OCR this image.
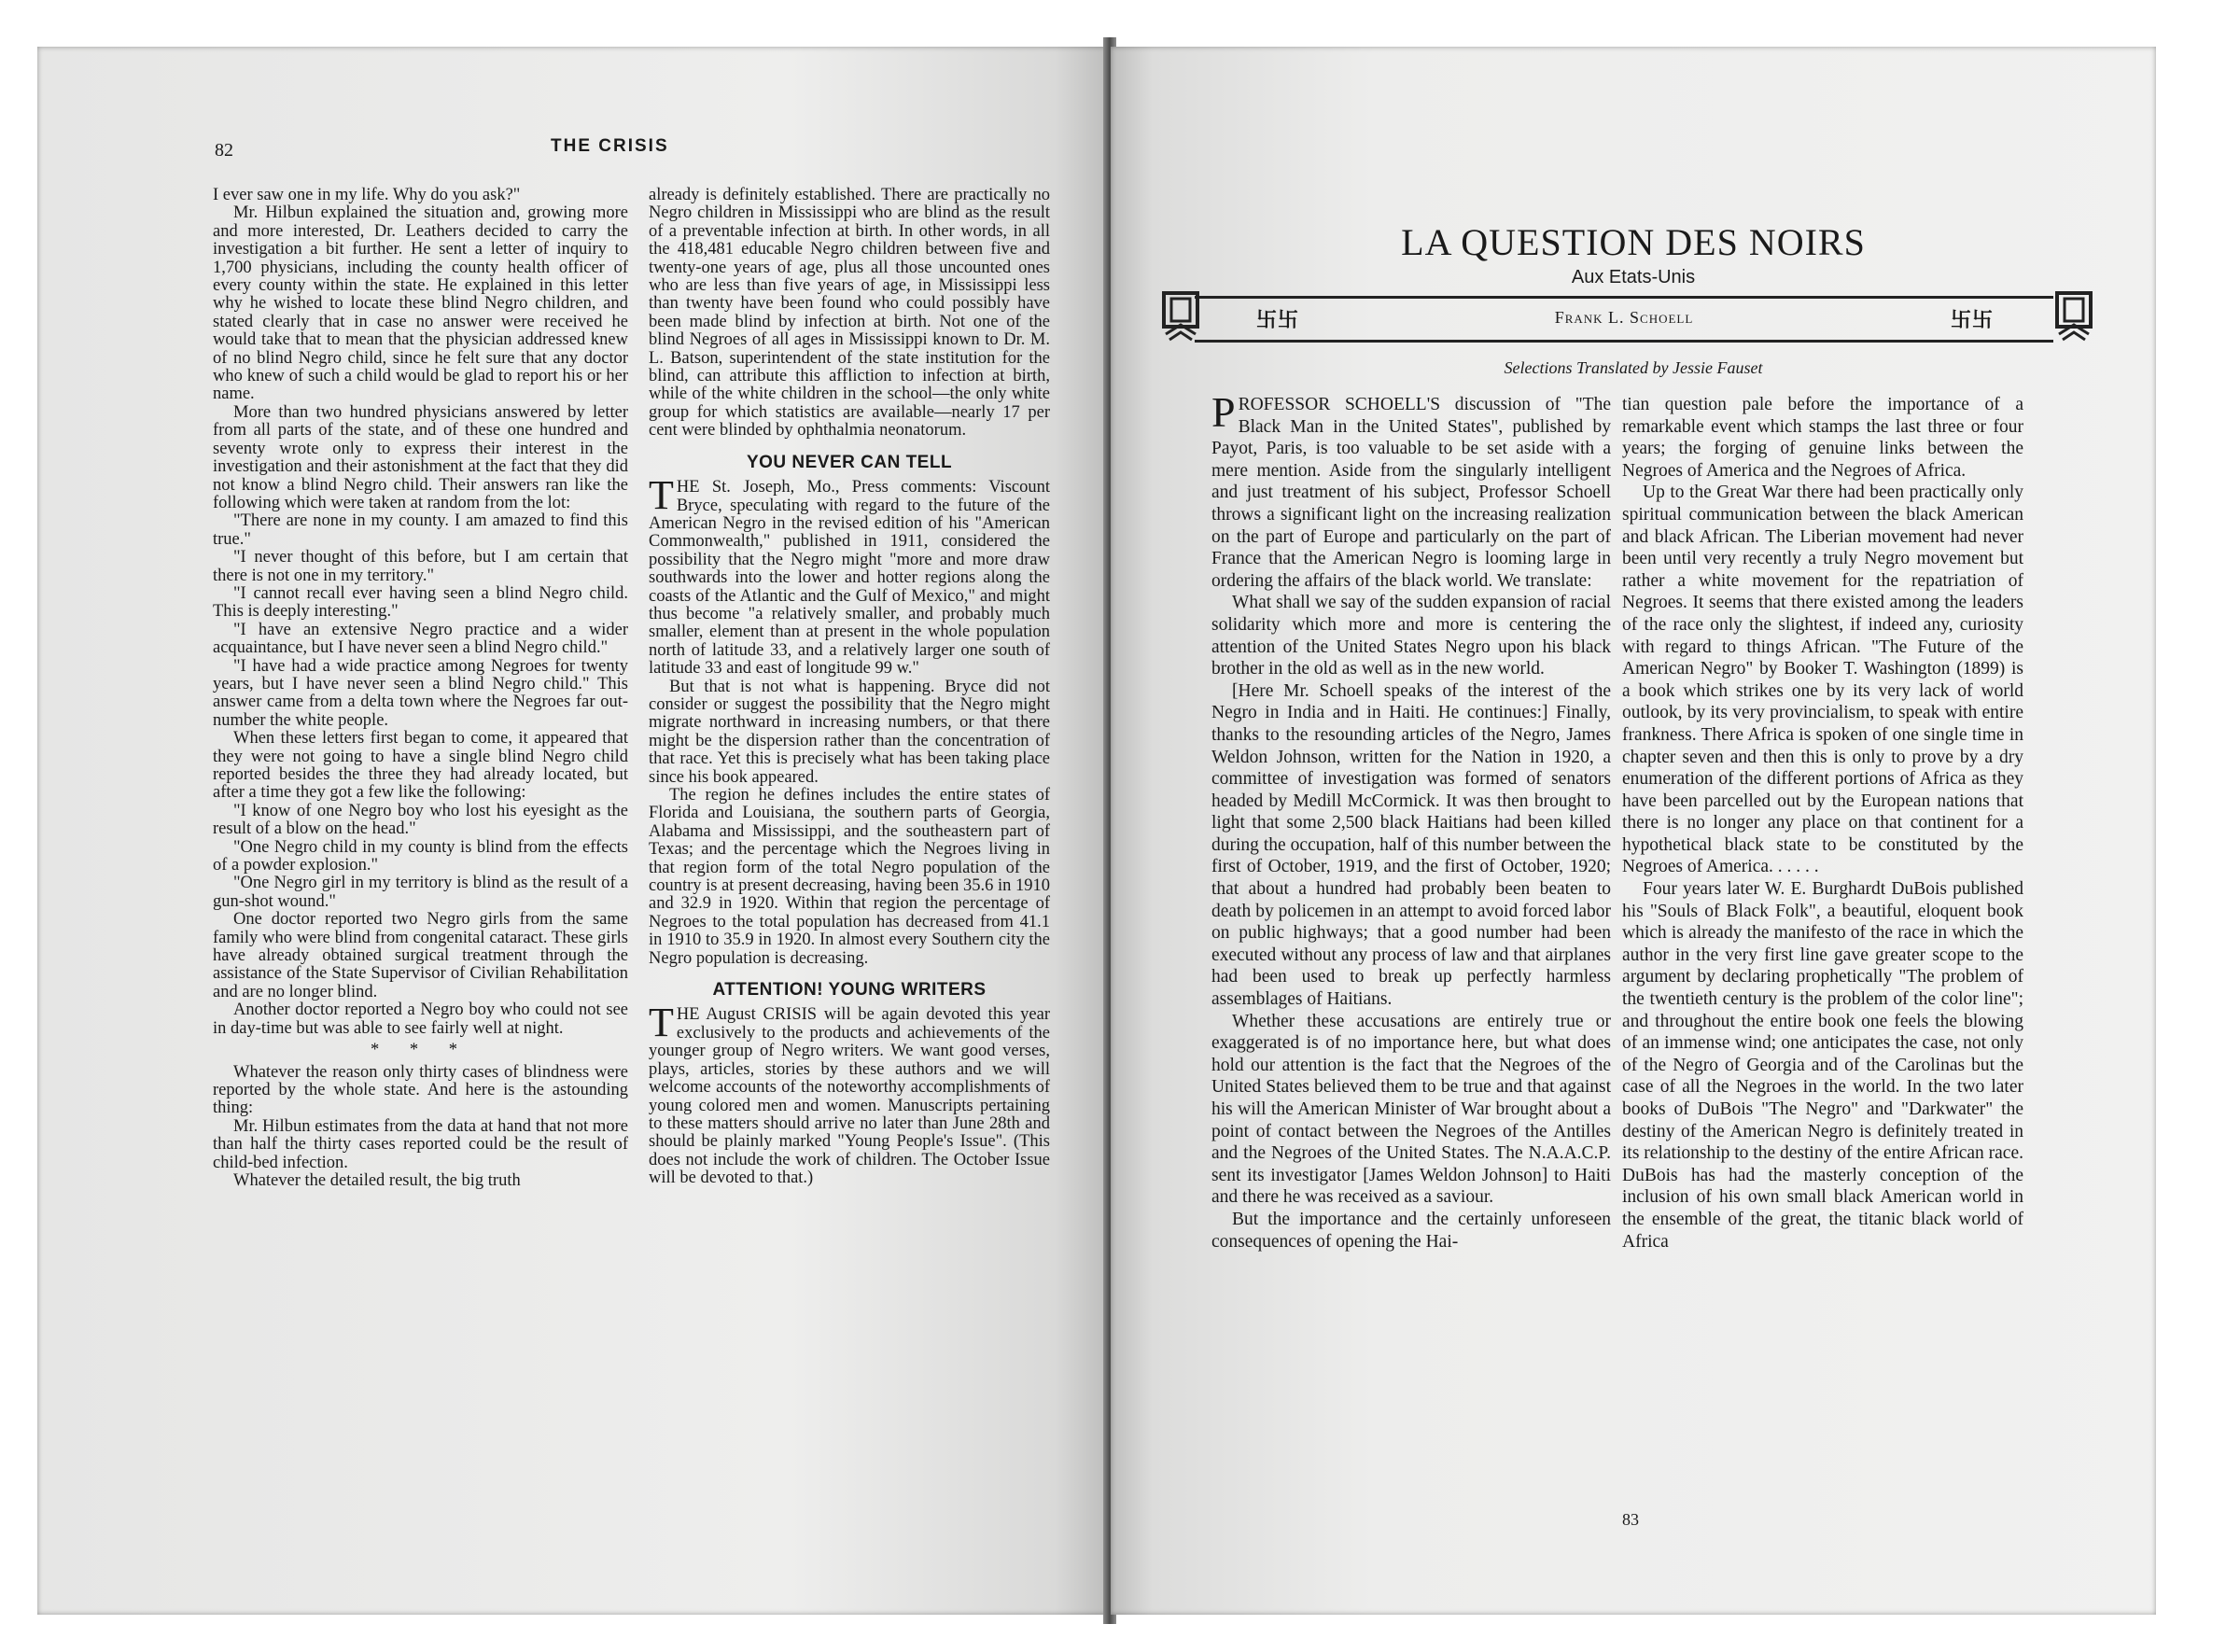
82	THE CRISIS

I ever saw one in my life. Why do you ask?"

Mr. Hilbun explained the situation and, growing more and more interested, Dr. Leathers decided to carry the investigation a bit further. He sent a letter of inquiry to 1,700 physicians, including the county health officer of every county within the state. He explained in this letter why he wished to locate these blind Negro children, and stated clearly that in case no answer were received he would take that to mean that the physician addressed knew of no blind Negro child, since he felt sure that any doctor who knew of such a child would be glad to report his or her name.

More than two hundred physicians answered by letter from all parts of the state, and of these one hundred and seventy wrote only to express their interest in the investigation and their astonishment at the fact that they did not know a blind Negro child. Their answers ran like the following which were taken at random from the lot:

"There are none in my county. I am amazed to find this true."

"I never thought of this before, but I am certain that there is not one in my territory."

"I cannot recall ever having seen a blind Negro child. This is deeply interesting."

"I have an extensive Negro practice and a wider acquaintance, but I have never seen a blind Negro child."

"I have had a wide practice among Negroes for twenty years, but I have never seen a blind Negro child." This answer came from a delta town where the Negroes far out-number the white people.

When these letters first began to come, it appeared that they were not going to have a single blind Negro child reported besides the three they had already located, but after a time they got a few like the following:

"I know of one Negro boy who lost his eyesight as the result of a blow on the head."

"One Negro child in my county is blind from the effects of a powder explosion."

"One Negro girl in my territory is blind as the result of a gun-shot wound."

One doctor reported two Negro girls from the same family who were blind from congenital cataract. These girls have already obtained surgical treatment through the assistance of the State Supervisor of Civilian Rehabilitation and are no longer blind.

Another doctor reported a Negro boy who could not see in day-time but was able to see fairly well at night.

* * *

Whatever the reason only thirty cases of blindness were reported by the whole state. And here is the astounding thing:

Mr. Hilbun estimates from the data at hand that not more than half the thirty cases reported could be the result of child-bed infection.

Whatever the detailed result, the big truth

already is definitely established. There are practically no Negro children in Mississippi who are blind as the result of a preventable infection at birth. In other words, in all the 418,481 educable Negro children between five and twenty-one years of age, plus all those uncounted ones who are less than five years of age, in Mississippi less than twenty have been found who could possibly have been made blind by infection at birth. Not one of the blind Negroes of all ages in Mississippi known to Dr. M. L. Batson, superintendent of the state institution for the blind, can attribute this affliction to infection at birth, while of the white children in the school—the only white group for which statistics are available—nearly 17 per cent were blinded by ophthalmia neonatorum.

YOU NEVER CAN TELL

THE St. Joseph, Mo., Press comments: Viscount Bryce, speculating with regard to the future of the American Negro in the revised edition of his "American Commonwealth," published in 1911, considered the possibility that the Negro might "more and more draw southwards into the lower and hotter regions along the coasts of the Atlantic and the Gulf of Mexico," and might thus become "a relatively smaller, and probably much smaller, element than at present in the whole population north of latitude 33, and a relatively larger one south of latitude 33 and east of longitude 99 w."

But that is not what is happening. Bryce did not consider or suggest the possibility that the Negro might migrate northward in increasing numbers, or that there might be the dispersion rather than the concentration of that race. Yet this is precisely what has been taking place since his book appeared.

The region he defines includes the entire states of Florida and Louisiana, the southern parts of Georgia, Alabama and Mississippi, and the southeastern part of Texas; and the percentage which the Negroes living in that region form of the total Negro population of the country is at present decreasing, having been 35.6 in 1910 and 32.9 in 1920. Within that region the percentage of Negroes to the total population has decreased from 41.1 in 1910 to 35.9 in 1920. In almost every Southern city the Negro population is decreasing.

ATTENTION! YOUNG WRITERS

THE August CRISIS will be again devoted this year exclusively to the products and achievements of the younger group of Negro writers. We want good verses, plays, articles, stories by these authors and we will welcome accounts of the noteworthy accomplishments of young colored men and women. Manuscripts pertaining to these matters should arrive no later than June 28th and should be plainly marked "Young People's Issue". (This does not include the work of children. The October Issue will be devoted to that.)

LA QUESTION DES NOIRS
Aux Etats-Unis
卐卐	Frank L. Schoell	卐卐
Selections Translated by Jessie Fauset

PROFESSOR SCHOELL'S discussion of "The Black Man in the United States", published by Payot, Paris, is too valuable to be set aside with a mere mention. Aside from the singularly intelligent and just treatment of his subject, Professor Schoell throws a significant light on the increasing realization on the part of Europe and particularly on the part of France that the American Negro is looming large in ordering the affairs of the black world. We translate:

What shall we say of the sudden expansion of racial solidarity which more and more is centering the attention of the United States Negro upon his black brother in the old as well as in the new world.

[Here Mr. Schoell speaks of the interest of the Negro in India and in Haiti. He continues:] Finally, thanks to the resounding articles of the Negro, James Weldon Johnson, written for the Nation in 1920, a committee of investigation was formed of senators headed by Medill McCormick. It was then brought to light that some 2,500 black Haitians had been killed during the occupation, half of this number between the first of October, 1919, and the first of October, 1920; that about a hundred had probably been beaten to death by policemen in an attempt to avoid forced labor on public highways; that a good number had been executed without any process of law and that airplanes had been used to break up perfectly harmless assemblages of Haitians.

Whether these accusations are entirely true or exaggerated is of no importance here, but what does hold our attention is the fact that the Negroes of the United States believed them to be true and that against his will the American Minister of War brought about a point of contact between the Negroes of the Antilles and the Negroes of the United States. The N.A.A.C.P. sent its investigator [James Weldon Johnson] to Haiti and there he was received as a saviour.

But the importance and the certainly unforeseen consequences of opening the Hai-

tian question pale before the importance of a remarkable event which stamps the last three or four years; the forging of genuine links between the Negroes of America and the Negroes of Africa.

Up to the Great War there had been practically only spiritual communication between the black American and black African. The Liberian movement had never been until very recently a truly Negro movement but rather a white movement for the repatriation of Negroes. It seems that there existed among the leaders of the race only the slightest, if indeed any, curiosity with regard to things African. "The Future of the American Negro" by Booker T. Washington (1899) is a book which strikes one by its very lack of world outlook, by its very provincialism, to speak with entire frankness. There Africa is spoken of one single time in chapter seven and then this is only to prove by a dry enumeration of the different portions of Africa as they have been parcelled out by the European nations that there is no longer any place on that continent for a hypothetical black state to be constituted by the Negroes of America. . . . . .

Four years later W. E. Burghardt DuBois published his "Souls of Black Folk", a beautiful, eloquent book which is already the manifesto of the race in which the author in the very first line gave greater scope to the argument by declaring prophetically "The problem of the twentieth century is the problem of the color line"; and throughout the entire book one feels the blowing of an immense wind; one anticipates the case, not only of the Negro of Georgia and of the Carolinas but the case of all the Negroes in the world. In the two later books of DuBois "The Negro" and "Darkwater" the destiny of the American Negro is definitely treated in its relationship to the destiny of the entire African race. DuBois has had the masterly conception of the inclusion of his own small black American world in the ensemble of the great, the titanic black world of Africa

83
